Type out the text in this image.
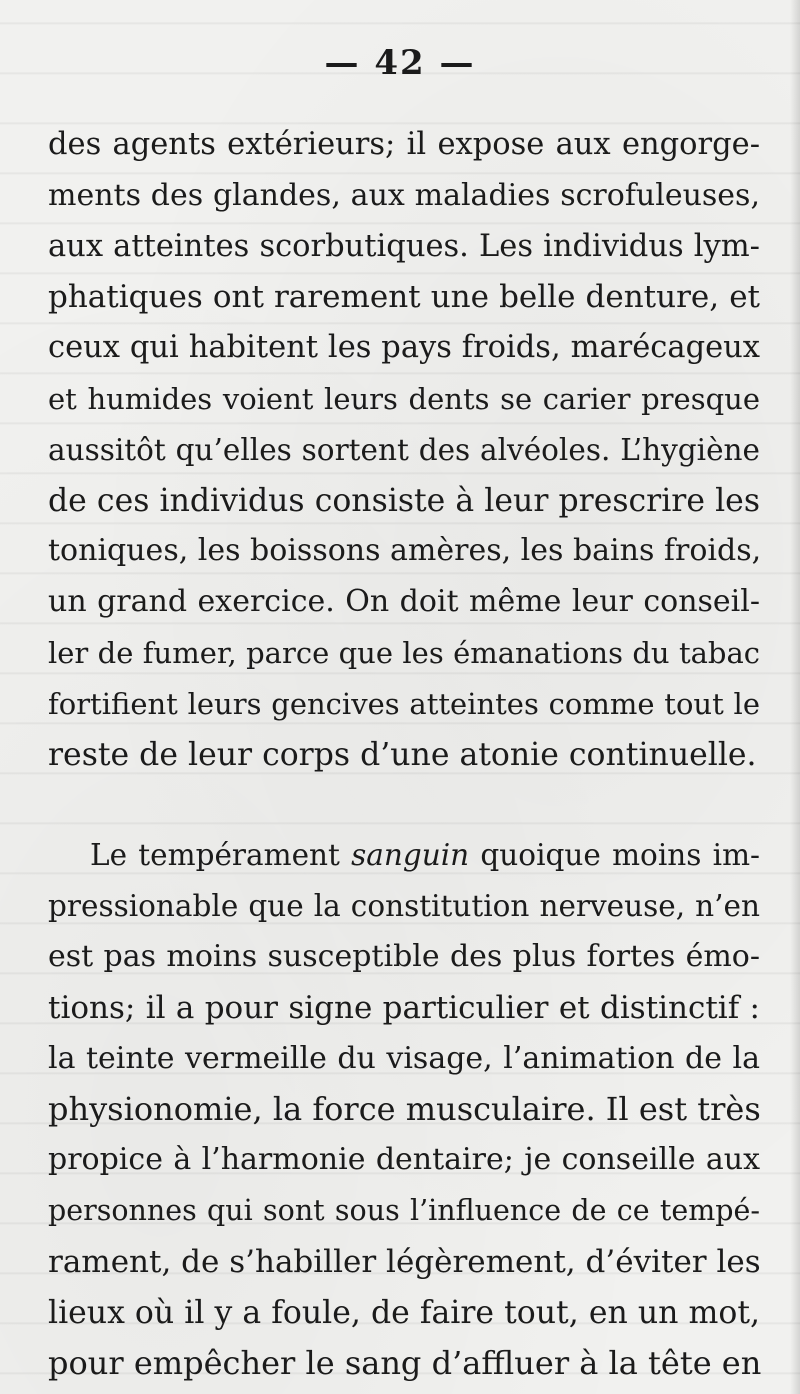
— 42 —
des agents extérieurs; il expose aux engorge-
ments des glandes, aux maladies scrofuleuses,
aux atteintes scorbutiques. Les individus lym-
phatiques ont rarement une belle denture, et
ceux qui habitent les pays froids, marécageux
et humides voient leurs dents se carier presque
aussitôt qu’elles sortent des alvéoles. L’hygiène
de ces individus consiste à leur prescrire les
toniques, les boissons amères, les bains froids,
un grand exercice. On doit même leur conseil-
ler de fumer, parce que les émanations du tabac
fortifient leurs gencives atteintes comme tout le
reste de leur corps d’une atonie continuelle.
Le tempérament sanguin quoique moins im-
pressionable que la constitution nerveuse, n’en
est pas moins susceptible des plus fortes émo-
tions; il a pour signe particulier et distinctif :
la teinte vermeille du visage, l’animation de la
physionomie, la force musculaire. Il est très
propice à l’harmonie dentaire; je conseille aux
personnes qui sont sous l’influence de ce tempé-
rament, de s’habiller légèrement, d’éviter les
lieux où il y a foule, de faire tout, en un mot,
pour empêcher le sang d’affluer à la tête en
